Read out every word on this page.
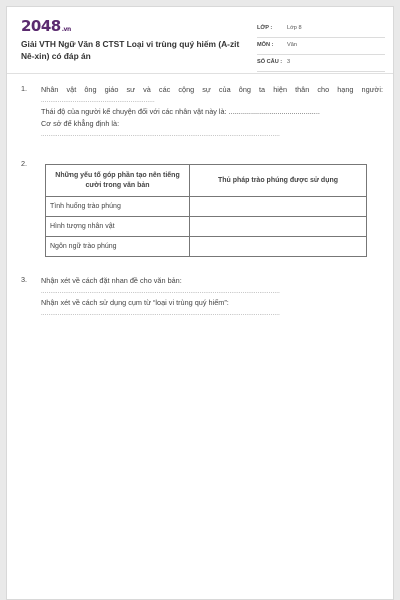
2048.vn
Giải VTH Ngữ Văn 8 CTST Loại vi trùng quý hiếm (A-zit Nê-xin) có đáp án
LỚP :	Lớp 8
MÔN : Văn
SỐ CÂU : 3
1. Nhân vật ông giáo sư và các cộng sự của ông ta hiện thân cho hạng người:
.............................................................
Thái độ của người kể chuyện đối với các nhân vật này là: .............................................
Cơ sở để khẳng định là:
................................................................................................................................
2.
Những yếu tố góp phần tạo nên tiếng cười trong văn bản	Thủ pháp trào phúng được sử dụng
Tình huống trào phúng	
Hình tượng nhân vật	
Ngôn ngữ trào phúng	
3. Nhận xét về cách đặt nhan đề cho văn bản:
................................................................................................................................
Nhận xét về cách sử dụng cụm từ “loại vi trùng quý hiếm”:
................................................................................................................................
